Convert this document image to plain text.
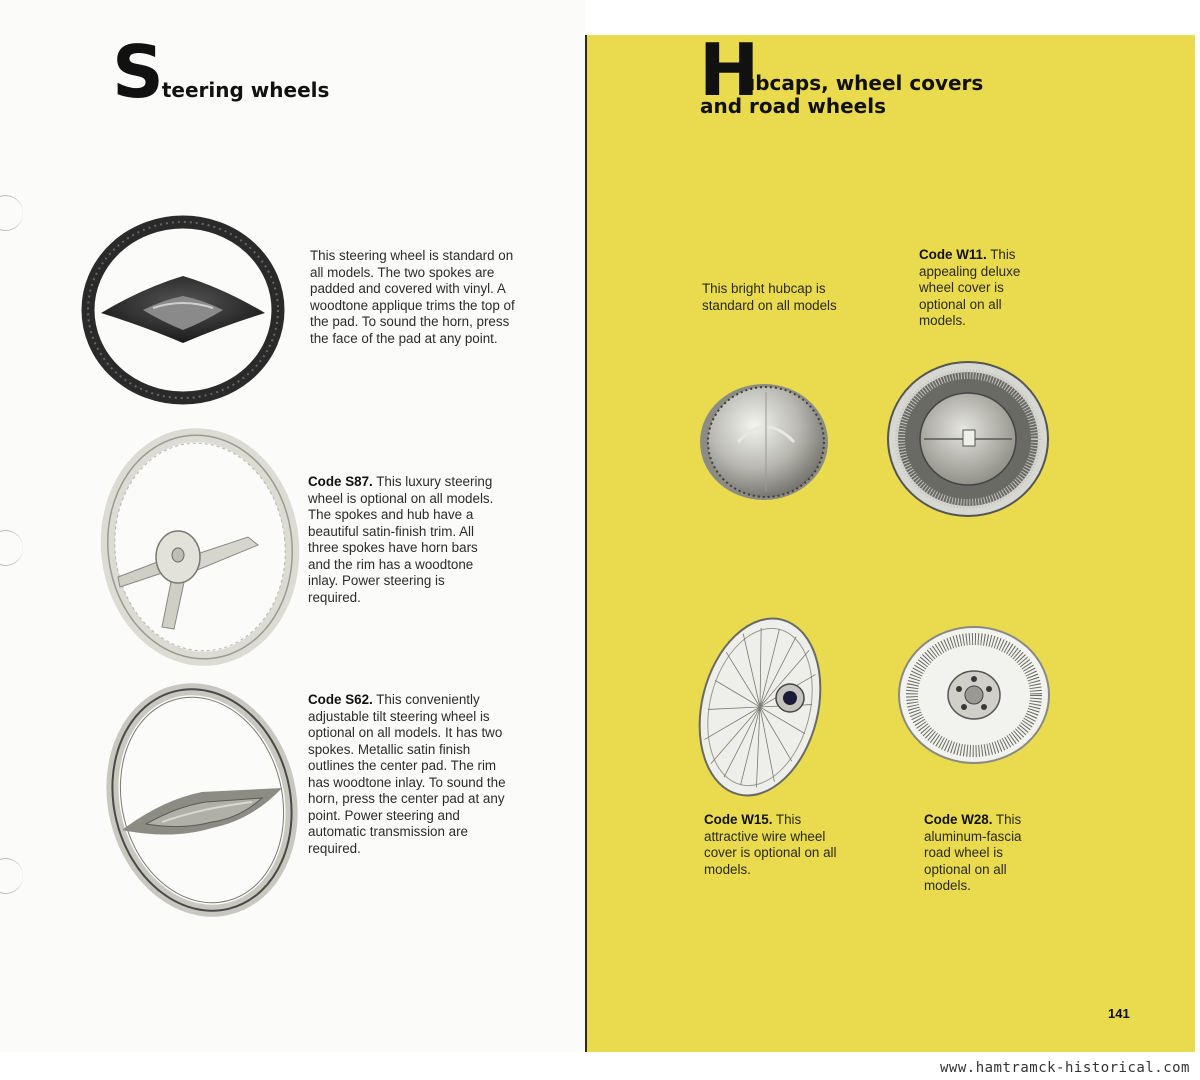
Steering wheels	H
ubcaps, wheel covers
and road wheels
This steering wheel is standard on all models. The two spokes are padded and covered with vinyl. A woodtone applique trims the top of the pad. To sound the horn, press the face of the pad at any point.
Code S87. This luxury steering wheel is optional on all models. The spokes and hub have a beautiful satin-finish trim. All three spokes have horn bars and the rim has a woodtone inlay. Power steering is required.
Code S62. This conveniently adjustable tilt steering wheel is optional on all models. It has two spokes. Metallic satin finish outlines the center pad. The rim has woodtone inlay. To sound the horn, press the center pad at any point. Power steering and automatic transmission are required.
This bright hubcap is standard on all models
Code W11. This appealing deluxe wheel cover is optional on all models.
Code W15. This attractive wire wheel cover is optional on all models.
Code W28. This aluminum-fascia road wheel is optional on all models.
141
www.hamtramck-historical.com
